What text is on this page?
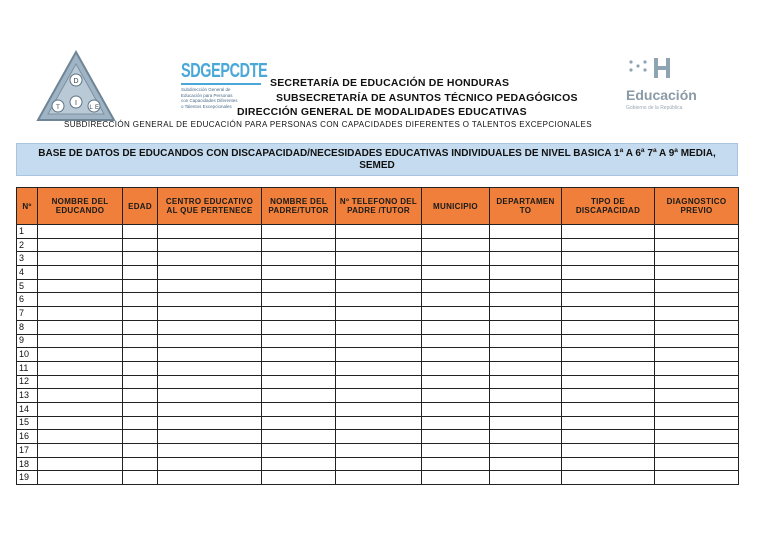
D
T
I
L E
SDGEPCDTE
Subdirección General de Educación para Personas con Capacidades Diferentes o Talentos Excepcionales
SECRETARÍA DE EDUCACIÓN DE HONDURAS
SUBSECRETARÍA DE ASUNTOS TÉCNICO PEDAGÓGICOS
DIRECCIÓN GENERAL DE MODALIDADES EDUCATIVAS
SUBDIRECCIÓN GENERAL DE EDUCACIÓN PARA PERSONAS CON CAPACIDADES DIFERENTES O TALENTOS EXCEPCIONALES
Educación
Gobierno de la República
BASE DE DATOS DE EDUCANDOS CON DISCAPACIDAD/NECESIDADES EDUCATIVAS INDIVIDUALES DE NIVEL BASICA 1ª A 6ª 7ª A 9ª MEDIA, SEMED
Nº	NOMBRE DEL EDUCANDO	EDAD	CENTRO EDUCATIVO AL QUE PERTENECE	NOMBRE DEL PADRE/TUTOR	Nº TELEFONO DEL PADRE /TUTOR	MUNICIPIO	DEPARTAMEN TO	TIPO DE DISCAPACIDAD	DIAGNOSTICO PREVIO
1									
2									
3									
4									
5									
6									
7									
8									
9									
10									
11									
12									
13									
14									
15									
16									
17									
18									
19									
